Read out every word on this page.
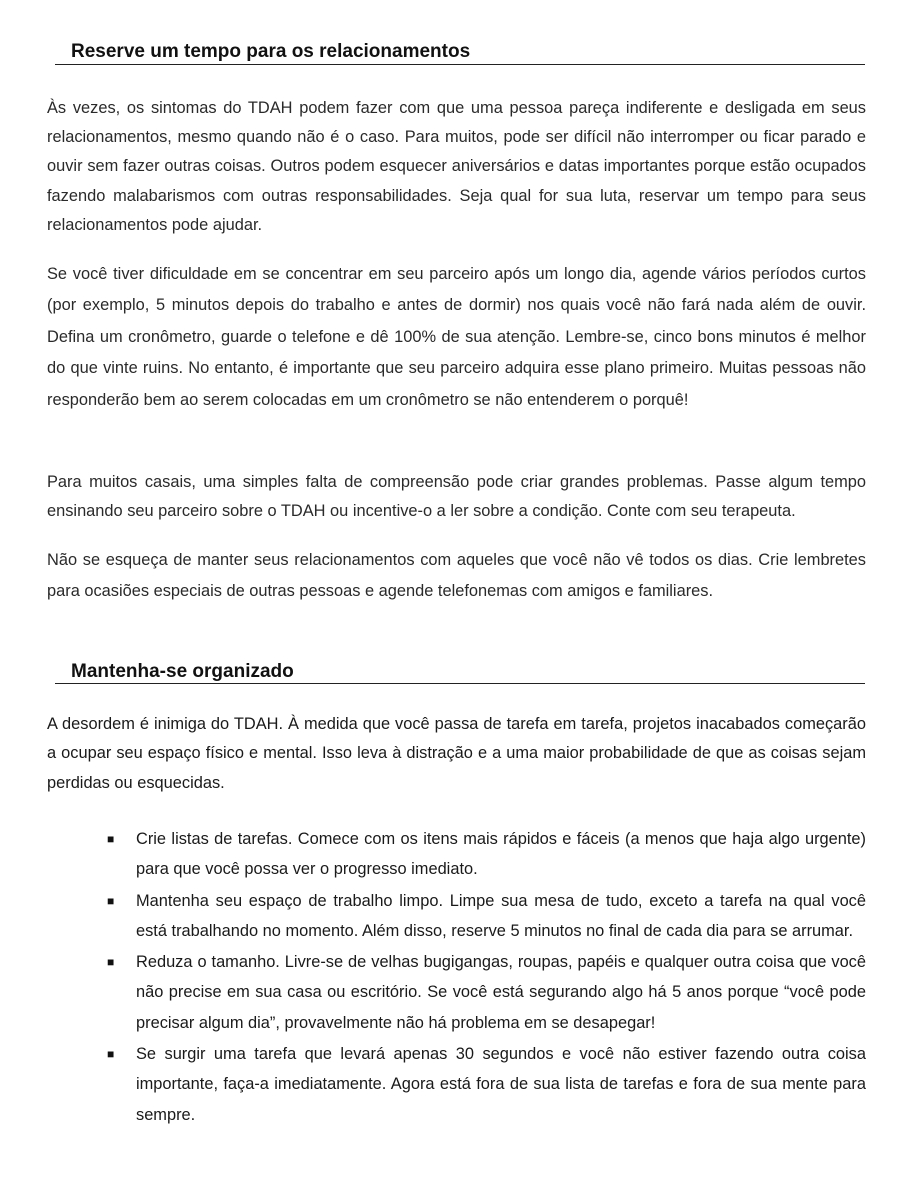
Reserve um tempo para os relacionamentos

Às vezes, os sintomas do TDAH podem fazer com que uma pessoa pareça indiferente e desligada em seus relacionamentos, mesmo quando não é o caso. Para muitos, pode ser difícil não interromper ou ficar parado e ouvir sem fazer outras coisas. Outros podem esquecer aniversários e datas importantes porque estão ocupados fazendo malabarismos com outras responsabilidades. Seja qual for sua luta, reservar um tempo para seus relacionamentos pode ajudar.

Se você tiver dificuldade em se concentrar em seu parceiro após um longo dia, agende vários períodos curtos (por exemplo, 5 minutos depois do trabalho e antes de dormir) nos quais você não fará nada além de ouvir. Defina um cronômetro, guarde o telefone e dê 100% de sua atenção. Lembre-se, cinco bons minutos é melhor do que vinte ruins. No entanto, é importante que seu parceiro adquira esse plano primeiro. Muitas pessoas não responderão bem ao serem colocadas em um cronômetro se não entenderem o porquê!

Para muitos casais, uma simples falta de compreensão pode criar grandes problemas. Passe algum tempo ensinando seu parceiro sobre o TDAH ou incentive-o a ler sobre a condição. Conte com seu terapeuta.

Não se esqueça de manter seus relacionamentos com aqueles que você não vê todos os dias. Crie lembretes para ocasiões especiais de outras pessoas e agende telefonemas com amigos e familiares.

Mantenha-se organizado

A desordem é inimiga do TDAH. À medida que você passa de tarefa em tarefa, projetos inacabados começarão a ocupar seu espaço físico e mental. Isso leva à distração e a uma maior probabilidade de que as coisas sejam perdidas ou esquecidas.

■ Crie listas de tarefas. Comece com os itens mais rápidos e fáceis (a menos que haja algo urgente) para que você possa ver o progresso imediato.
■ Mantenha seu espaço de trabalho limpo. Limpe sua mesa de tudo, exceto a tarefa na qual você está trabalhando no momento. Além disso, reserve 5 minutos no final de cada dia para se arrumar.
■ Reduza o tamanho. Livre-se de velhas bugigangas, roupas, papéis e qualquer outra coisa que você não precise em sua casa ou escritório. Se você está segurando algo há 5 anos porque “você pode precisar algum dia”, provavelmente não há problema em se desapegar!
■ Se surgir uma tarefa que levará apenas 30 segundos e você não estiver fazendo outra coisa importante, faça-a imediatamente. Agora está fora de sua lista de tarefas e fora de sua mente para sempre.
